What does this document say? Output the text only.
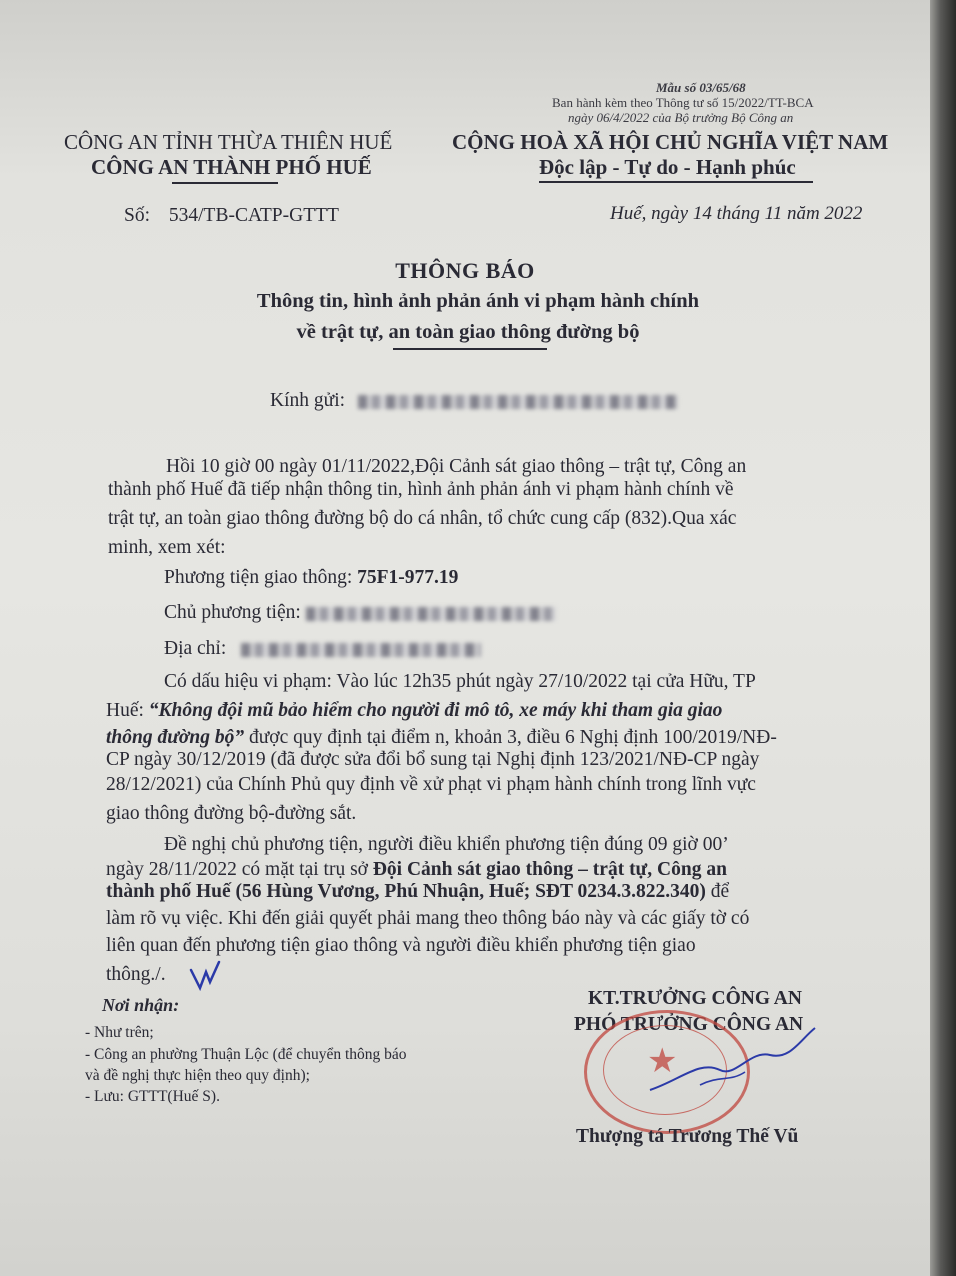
Mẫu số 03/65/68
Ban hành kèm theo Thông tư số 15/2022/TT-BCA
ngày 06/4/2022 của Bộ trưởng Bộ Công an
CÔNG AN TỈNH THỪA THIÊN HUẾ
CÔNG AN THÀNH PHỐ HUẾ
Số: 534/TB-CATP-GTTT
CỘNG HOÀ XÃ HỘI CHỦ NGHĨA VIỆT NAM
Độc lập - Tự do - Hạnh phúc
Huế, ngày 14 tháng 11 năm 2022
THÔNG BÁO
Thông tin, hình ảnh phản ánh vi phạm hành chính
về trật tự, an toàn giao thông đường bộ
Kính gửi:
Hồi 10 giờ 00 ngày 01/11/2022,Đội Cảnh sát giao thông – trật tự, Công an
thành phố Huế đã tiếp nhận thông tin, hình ảnh phản ánh vi phạm hành chính về
trật tự, an toàn giao thông đường bộ do cá nhân, tổ chức cung cấp (832).Qua xác
minh, xem xét:
Phương tiện giao thông: 75F1-977.19
Chủ phương tiện:
Địa chỉ:
Có dấu hiệu vi phạm: Vào lúc 12h35 phút ngày 27/10/2022 tại cửa Hữu, TP
Huế: “Không đội mũ bảo hiểm cho người đi mô tô, xe máy khi tham gia giao
thông đường bộ” được quy định tại điểm n, khoản 3, điều 6 Nghị định 100/2019/NĐ-
CP ngày 30/12/2019 (đã được sửa đổi bổ sung tại Nghị định 123/2021/NĐ-CP ngày
28/12/2021) của Chính Phủ quy định về xử phạt vi phạm hành chính trong lĩnh vực
giao thông đường bộ-đường sắt.
Đề nghị chủ phương tiện, người điều khiển phương tiện đúng 09 giờ 00’
ngày 28/11/2022 có mặt tại trụ sở Đội Cảnh sát giao thông – trật tự, Công an
thành phố Huế (56 Hùng Vương, Phú Nhuận, Huế; SĐT 0234.3.822.340) để
làm rõ vụ việc. Khi đến giải quyết phải mang theo thông báo này và các giấy tờ có
liên quan đến phương tiện giao thông và người điều khiển phương tiện giao
thông./.
Nơi nhận:
- Như trên;
- Công an phường Thuận Lộc (để chuyển thông báo
và đề nghị thực hiện theo quy định);
- Lưu: GTTT(Huế S).
KT.TRƯỞNG CÔNG AN
PHÓ TRƯỞNG CÔNG AN
★
Thượng tá Trương Thế Vũ
